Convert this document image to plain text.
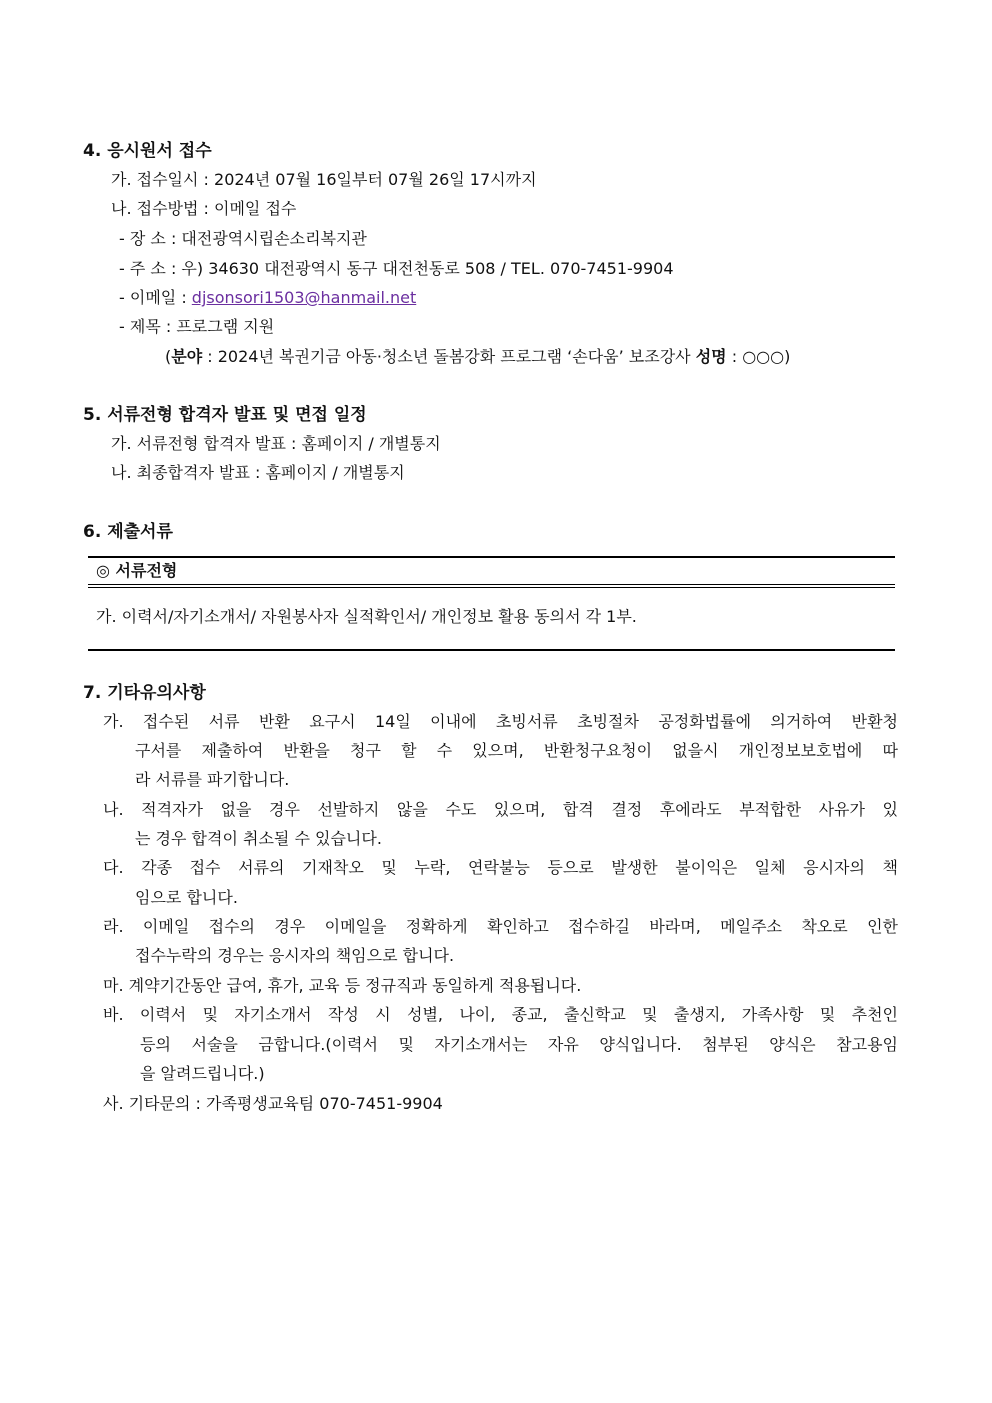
4. 응시원서 접수
가. 접수일시 : 2024년 07월 16일부터 07월 26일 17시까지
나. 접수방법 : 이메일 접수
- 장 소 : 대전광역시립손소리복지관
- 주 소 : 우) 34630 대전광역시 동구 대전천동로 508 / TEL. 070-7451-9904
- 이메일 : djsonsori1503@hanmail.net
- 제목 : 프로그램 지원
(분야 : 2024년 복권기금 아동·청소년 돌봄강화 프로그램 ‘손다움’ 보조강사 성명 : ○○○)
5. 서류전형 합격자 발표 및 면접 일정
가. 서류전형 합격자 발표 : 홈페이지 / 개별통지
나. 최종합격자 발표 : 홈페이지 / 개별통지
6. 제출서류
◎ 서류전형
가. 이력서/자기소개서/ 자원봉사자 실적확인서/ 개인정보 활용 동의서 각 1부.
7. 기타유의사항
가. 접수된 서류 반환 요구시 14일 이내에 초빙서류 초빙절차 공정화법률에 의거하여 반환청
구서를 제출하여 반환을 청구 할 수 있으며, 반환청구요청이 없을시 개인정보보호법에 따
라 서류를 파기합니다.
나. 적격자가 없을 경우 선발하지 않을 수도 있으며, 합격 결정 후에라도 부적합한 사유가 있
는 경우 합격이 취소될 수 있습니다.
다. 각종 접수 서류의 기재착오 및 누락, 연락불능 등으로 발생한 불이익은 일체 응시자의 책
임으로 합니다.
라. 이메일 접수의 경우 이메일을 정확하게 확인하고 접수하길 바라며, 메일주소 착오로 인한
접수누락의 경우는 응시자의 책임으로 합니다.
마. 계약기간동안 급여, 휴가, 교육 등 정규직과 동일하게 적용됩니다.
바. 이력서 및 자기소개서 작성 시 성별, 나이, 종교, 출신학교 및 출생지, 가족사항 및 추천인
등의 서술을 금합니다.(이력서 및 자기소개서는 자유 양식입니다. 첨부된 양식은 참고용임
을 알려드립니다.)
사. 기타문의 : 가족평생교육팀 070-7451-9904
